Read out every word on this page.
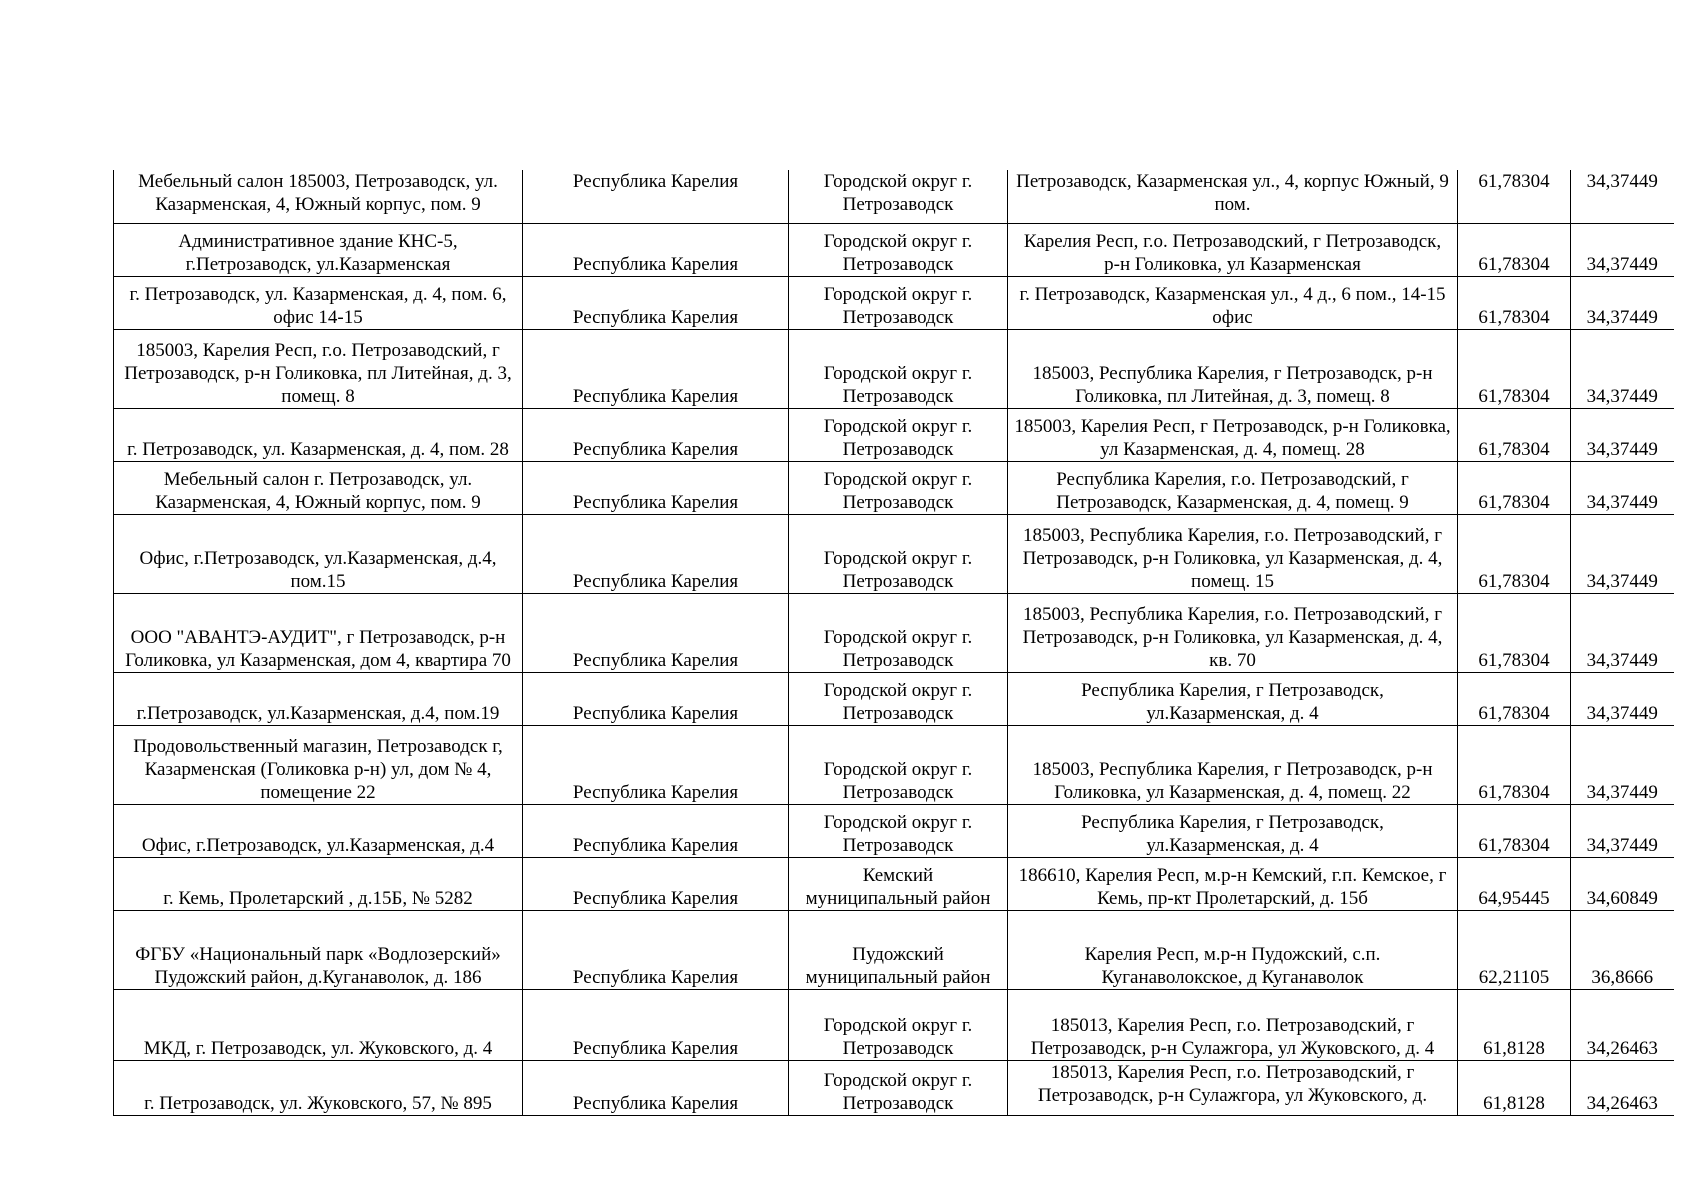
Мебельный салон 185003, Петрозаводск, ул. Казарменская, 4, Южный корпус, пом. 9	Республика Карелия	Городской округ г. Петрозаводск	Петрозаводск, Казарменская ул., 4, корпус Южный, 9 пом.	61,78304	34,37449
Административное здание КНС-5, г.Петрозаводск, ул.Казарменская	Республика Карелия	Городской округ г. Петрозаводск	Карелия Респ, г.о. Петрозаводский, г Петрозаводск, р-н Голиковка, ул Казарменская	61,78304	34,37449
г. Петрозаводск, ул. Казарменская, д. 4, пом. 6, офис 14-15	Республика Карелия	Городской округ г. Петрозаводск	г. Петрозаводск, Казарменская ул., 4 д., 6 пом., 14-15 офис	61,78304	34,37449
185003, Карелия Респ, г.о. Петрозаводский, г Петрозаводск, р-н Голиковка, пл Литейная, д. 3, помещ. 8	Республика Карелия	Городской округ г. Петрозаводск	185003, Республика Карелия, г Петрозаводск, р-н Голиковка, пл Литейная, д. 3, помещ. 8	61,78304	34,37449
г. Петрозаводск, ул. Казарменская, д. 4, пом. 28	Республика Карелия	Городской округ г. Петрозаводск	185003, Карелия Респ, г Петрозаводск, р-н Голиковка, ул Казарменская, д. 4, помещ. 28	61,78304	34,37449
Мебельный салон г. Петрозаводск, ул. Казарменская, 4, Южный корпус, пом. 9	Республика Карелия	Городской округ г. Петрозаводск	Республика Карелия, г.о. Петрозаводский, г Петрозаводск, Казарменская, д. 4, помещ. 9	61,78304	34,37449
Офис, г.Петрозаводск, ул.Казарменская, д.4, пом.15	Республика Карелия	Городской округ г. Петрозаводск	185003, Республика Карелия, г.о. Петрозаводский, г Петрозаводск, р-н Голиковка, ул Казарменская, д. 4, помещ. 15	61,78304	34,37449
ООО "АВАНТЭ-АУДИТ", г Петрозаводск, р-н Голиковка, ул Казарменская, дом 4, квартира 70	Республика Карелия	Городской округ г. Петрозаводск	185003, Республика Карелия, г.о. Петрозаводский, г Петрозаводск, р-н Голиковка, ул Казарменская, д. 4, кв. 70	61,78304	34,37449
г.Петрозаводск, ул.Казарменская, д.4, пом.19	Республика Карелия	Городской округ г. Петрозаводск	Республика Карелия, г Петрозаводск, ул.Казарменская, д. 4	61,78304	34,37449
Продовольственный магазин, Петрозаводск г, Казарменская (Голиковка р-н) ул, дом № 4, помещение 22	Республика Карелия	Городской округ г. Петрозаводск	185003, Республика Карелия, г Петрозаводск, р-н Голиковка, ул Казарменская, д. 4, помещ. 22	61,78304	34,37449
Офис, г.Петрозаводск, ул.Казарменская, д.4	Республика Карелия	Городской округ г. Петрозаводск	Республика Карелия, г Петрозаводск, ул.Казарменская, д. 4	61,78304	34,37449
г. Кемь, Пролетарский , д.15Б, № 5282	Республика Карелия	Кемский муниципальный район	186610, Карелия Респ, м.р-н Кемский, г.п. Кемское, г Кемь, пр-кт Пролетарский, д. 15б	64,95445	34,60849
ФГБУ «Национальный парк «Водлозерский» Пудожский район, д.Куганаволок, д. 186	Республика Карелия	Пудожский муниципальный район	Карелия Респ, м.р-н Пудожский, с.п. Куганаволокское, д Куганаволок	62,21105	36,8666
МКД, г. Петрозаводск, ул. Жуковского, д. 4	Республика Карелия	Городской округ г. Петрозаводск	185013, Карелия Респ, г.о. Петрозаводский, г Петрозаводск, р-н Сулажгора, ул Жуковского, д. 4	61,8128	34,26463
г. Петрозаводск, ул. Жуковского, 57, № 895	Республика Карелия	Городской округ г. Петрозаводск	185013, Карелия Респ, г.о. Петрозаводский, г Петрозаводск, р-н Сулажгора, ул Жуковского, д.	61,8128	34,26463
